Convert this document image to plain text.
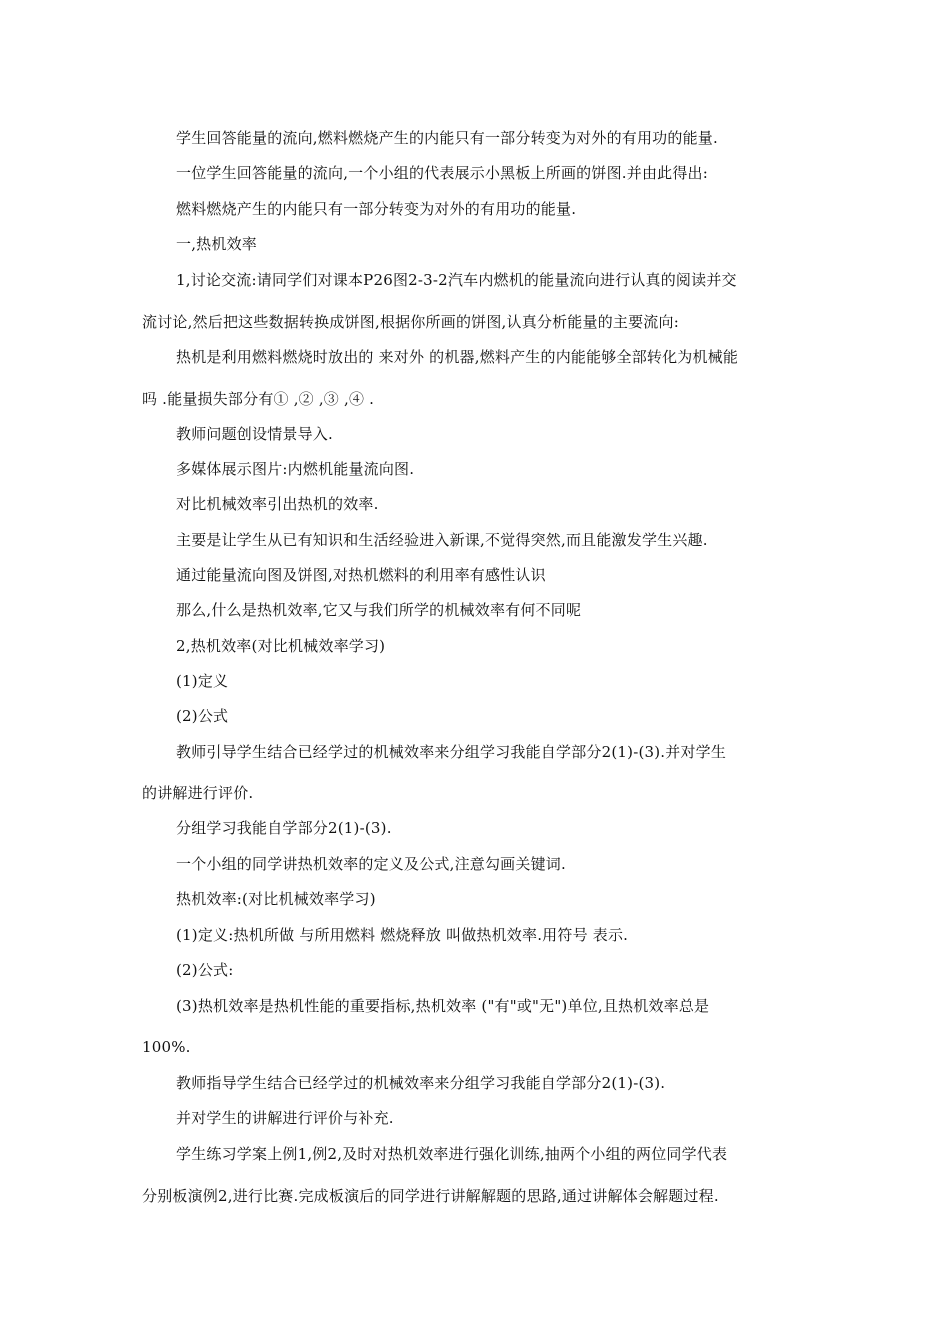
学生回答能量的流向,燃料燃烧产生的内能只有一部分转变为对外的有用功的能量.
一位学生回答能量的流向,一个小组的代表展示小黑板上所画的饼图.并由此得出:
燃料燃烧产生的内能只有一部分转变为对外的有用功的能量.
一,热机效率
1,讨论交流:请同学们对课本P26图2-3-2汽车内燃机的能量流向进行认真的阅读并交
流讨论,然后把这些数据转换成饼图,根据你所画的饼图,认真分析能量的主要流向:
热机是利用燃料燃烧时放出的 来对外 的机器,燃料产生的内能能够全部转化为机械能
吗 .能量损失部分有① ,② ,③ ,④ .
教师问题创设情景导入.
多媒体展示图片:内燃机能量流向图.
对比机械效率引出热机的效率.
主要是让学生从已有知识和生活经验进入新课,不觉得突然,而且能激发学生兴趣.
通过能量流向图及饼图,对热机燃料的利用率有感性认识
那么,什么是热机效率,它又与我们所学的机械效率有何不同呢
2,热机效率(对比机械效率学习)
(1)定义
(2)公式
教师引导学生结合已经学过的机械效率来分组学习我能自学部分2(1)-(3).并对学生
的讲解进行评价.
分组学习我能自学部分2(1)-(3).
一个小组的同学讲热机效率的定义及公式,注意勾画关键词.
热机效率:(对比机械效率学习)
(1)定义:热机所做 与所用燃料 燃烧释放 叫做热机效率.用符号 表示.
(2)公式:
(3)热机效率是热机性能的重要指标,热机效率 ("有"或"无")单位,且热机效率总是
100%.
教师指导学生结合已经学过的机械效率来分组学习我能自学部分2(1)-(3).
并对学生的讲解进行评价与补充.
学生练习学案上例1,例2,及时对热机效率进行强化训练,抽两个小组的两位同学代表
分别板演例2,进行比赛.完成板演后的同学进行讲解解题的思路,通过讲解体会解题过程.
